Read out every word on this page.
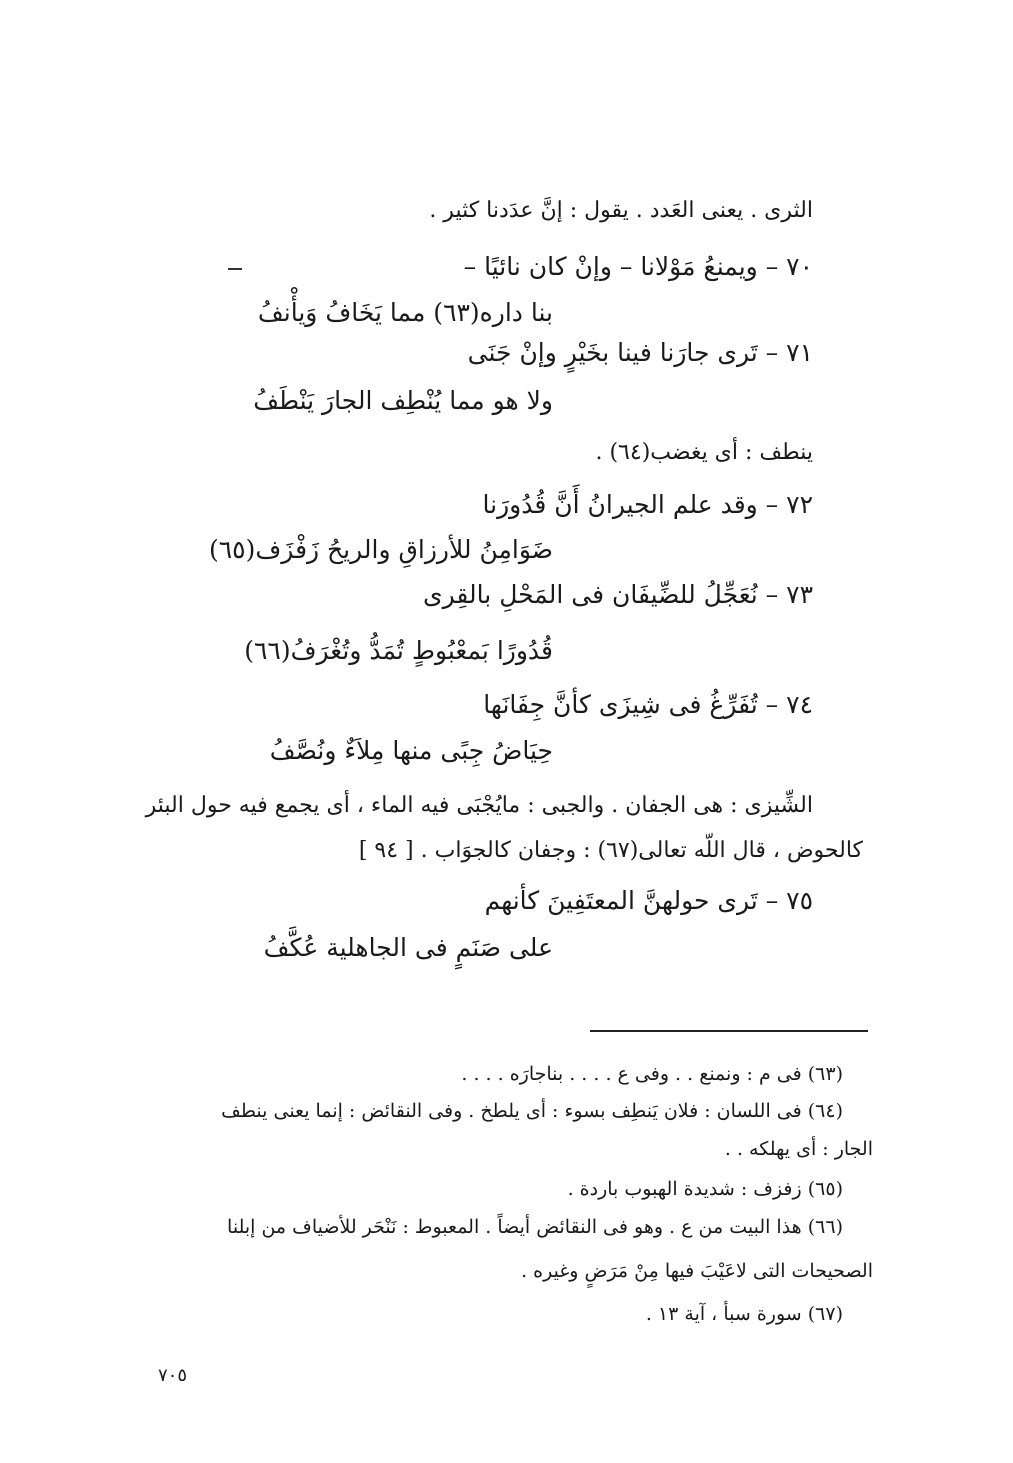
الثرى . يعنى العَدد . يقول : إنَّ عدَدنا كثير .
٧٠ – ويمنعُ مَوْلانا – وإنْ كان نائيًا –
بنا داره(٦٣) مما يَخَافُ وَيأْنفُ
٧١ – تَرى جارَنا فينا بخَيْرٍ وإنْ جَنَى
ولا هو مما يُنْطِف الجارَ يَنْطَفُ
ينطف : أى يغضب(٦٤) .
٧٢ – وقد علم الجيرانُ أَنَّ قُدُورَنا
ضَوَامِنُ للأرزاقِ والريحُ زَفْزَف(٦٥)
٧٣ – نُعَجِّلُ للضِّيفَان فى المَحْلِ بالقِرى
قُدُورًا بَمعْبُوطٍ تُمَدُّ وتُغْرَفُ(٦٦)
٧٤ – تُفَرِّغُ فى شِيزَى كأنَّ جِفَانَها
حِيَاضُ جِبًى منها مِلاَءٌ ونُصَّفُ
الشِّيزى : هى الجفان . والجبى : مايُجْبَى فيه الماء ، أى يجمع فيه حول البئر
كالحوض ، قال اللّه تعالى(٦٧) : وجفان كالجوَاب . [ ٩٤ ]
٧٥ – تَرى حولهنَّ المعتَفِينَ كأنهم
على صَنَمٍ فى الجاهلية عُكَّفُ
(٦٣) فى م : ونمنع . . وفى ع . . . . بناجارَه . . . .
(٦٤) فى اللسان : فلان يَنطِف بسوء : أى يلطخ . وفى النقائض : إنما يعنى ينطف
الجار : أى يهلكه . .
(٦٥) زفزف : شديدة الهبوب باردة .
(٦٦) هذا البيت من ع . وهو فى النقائض أيضاً . المعبوط : نَنْحَر للأضياف من إبلنا
الصحيحات التى لاعَيْبَ فيها مِنْ مَرَضٍ وغيره .
(٦٧) سورة سبأ ، آية ١٣ .
٧٠٥
